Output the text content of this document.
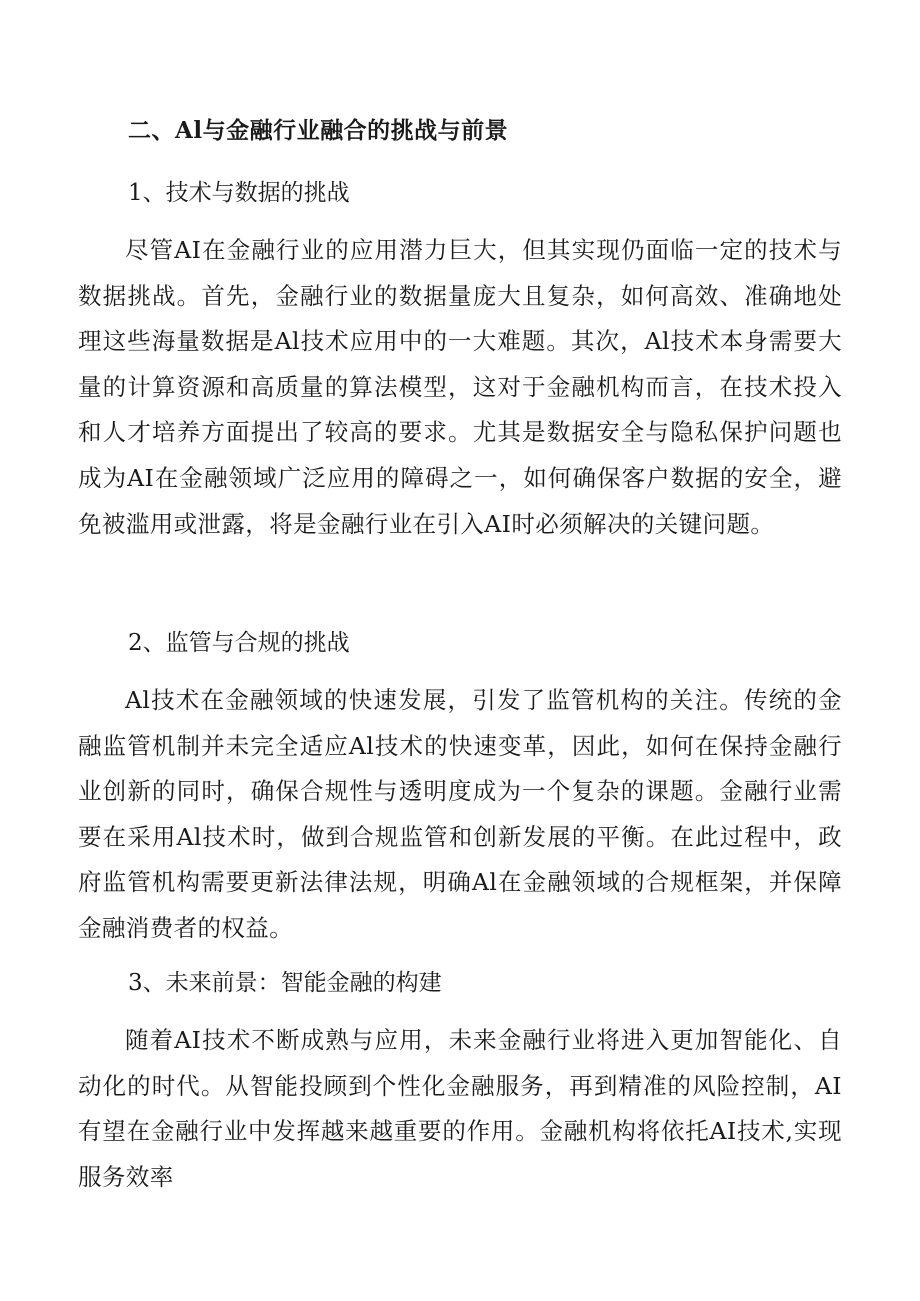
二、Al与金融行业融合的挑战与前景
1、技术与数据的挑战

尽管AI在金融行业的应用潜力巨大，但其实现仍面临一定的技术与数据挑战。首先，金融行业的数据量庞大且复杂，如何高效、准确地处理这些海量数据是Al技术应用中的一大难题。其次，Al技术本身需要大量的计算资源和高质量的算法模型，这对于金融机构而言，在技术投入和人才培养方面提出了较高的要求。尤其是数据安全与隐私保护问题也成为AI在金融领域广泛应用的障碍之一，如何确保客户数据的安全，避免被滥用或泄露，将是金融行业在引入AI时必须解决的关键问题。

2、监管与合规的挑战

Al技术在金融领域的快速发展，引发了监管机构的关注。传统的金融监管机制并未完全适应Al技术的快速变革，因此，如何在保持金融行业创新的同时，确保合规性与透明度成为一个复杂的课题。金融行业需要在采用Al技术时，做到合规监管和创新发展的平衡。在此过程中，政府监管机构需要更新法律法规，明确Al在金融领域的合规框架，并保障金融消费者的权益。

3、未来前景：智能金融的构建

随着AI技术不断成熟与应用，未来金融行业将进入更加智能化、自动化的时代。从智能投顾到个性化金融服务，再到精准的风险控制，AI有望在金融行业中发挥越来越重要的作用。金融机构将依托AI技术,实现服务效率
